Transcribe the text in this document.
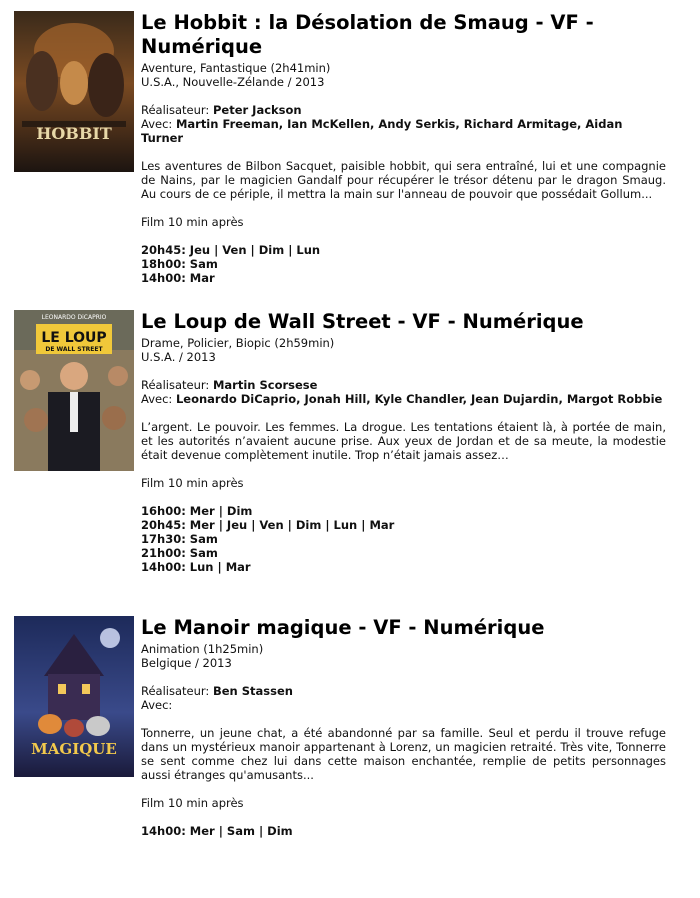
HOBBIT
Le Hobbit : la Désolation de Smaug - VF - Numérique
Aventure, Fantastique (2h41min)
U.S.A., Nouvelle-Zélande / 2013
Réalisateur: Peter Jackson
Avec: Martin Freeman, Ian McKellen, Andy Serkis, Richard Armitage, Aidan Turner
Les aventures de Bilbon Sacquet, paisible hobbit, qui sera entraîné, lui et une compagnie de Nains, par le magicien Gandalf pour récupérer le trésor détenu par le dragon Smaug. Au cours de ce périple, il mettra la main sur l'anneau de pouvoir que possédait Gollum...
Film 10 min après
20h45: Jeu | Ven | Dim | Lun
18h00: Sam
14h00: Mar
LEONARDO DiCAPRIO
LE LOUP
DE WALL STREET
Le Loup de Wall Street - VF - Numérique
Drame, Policier, Biopic (2h59min)
U.S.A. / 2013
Réalisateur: Martin Scorsese
Avec: Leonardo DiCaprio, Jonah Hill, Kyle Chandler, Jean Dujardin, Margot Robbie
L’argent. Le pouvoir. Les femmes. La drogue. Les tentations étaient là, à portée de main, et les autorités n’avaient aucune prise. Aux yeux de Jordan et de sa meute, la modestie était devenue complètement inutile. Trop n’était jamais assez…
Film 10 min après
16h00: Mer | Dim
20h45: Mer | Jeu | Ven | Dim | Lun | Mar
17h30: Sam
21h00: Sam
14h00: Lun | Mar
MAGIQUE
Le Manoir magique - VF - Numérique
Animation (1h25min)
Belgique / 2013
Réalisateur: Ben Stassen
Avec:
Tonnerre, un jeune chat, a été abandonné par sa famille. Seul et perdu il trouve refuge dans un mystérieux manoir appartenant à Lorenz, un magicien retraité. Très vite, Tonnerre se sent comme chez lui dans cette maison enchantée, remplie de petits personnages aussi étranges qu'amusants...
Film 10 min après
14h00: Mer | Sam | Dim
